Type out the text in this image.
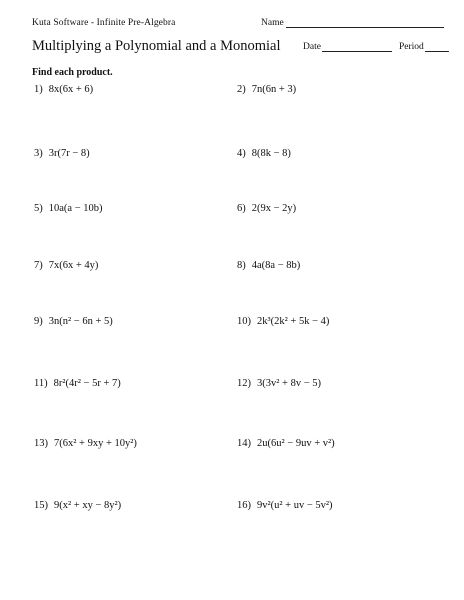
Kuta Software - Infinite Pre-Algebra	Name
Multiplying a Polynomial and a Monomial Date	Period
Find each product.
1) 8x(6x + 6)	2) 7n(6n + 3)
3) 3r(7r − 8)	4) 8(8k − 8)
5) 10a(a − 10b)	6) 2(9x − 2y)
7) 7x(6x + 4y)	8) 4a(8a − 8b)
9) 3n(n² − 6n + 5)	10) 2k³(2k² + 5k − 4)
11) 8r²(4r² − 5r + 7)	12) 3(3v² + 8v − 5)
13) 7(6x² + 9xy + 10y²)	14) 2u(6u² − 9uv + v²)
15) 9(x² + xy − 8y²)	16) 9v²(u² + uv − 5v²)
